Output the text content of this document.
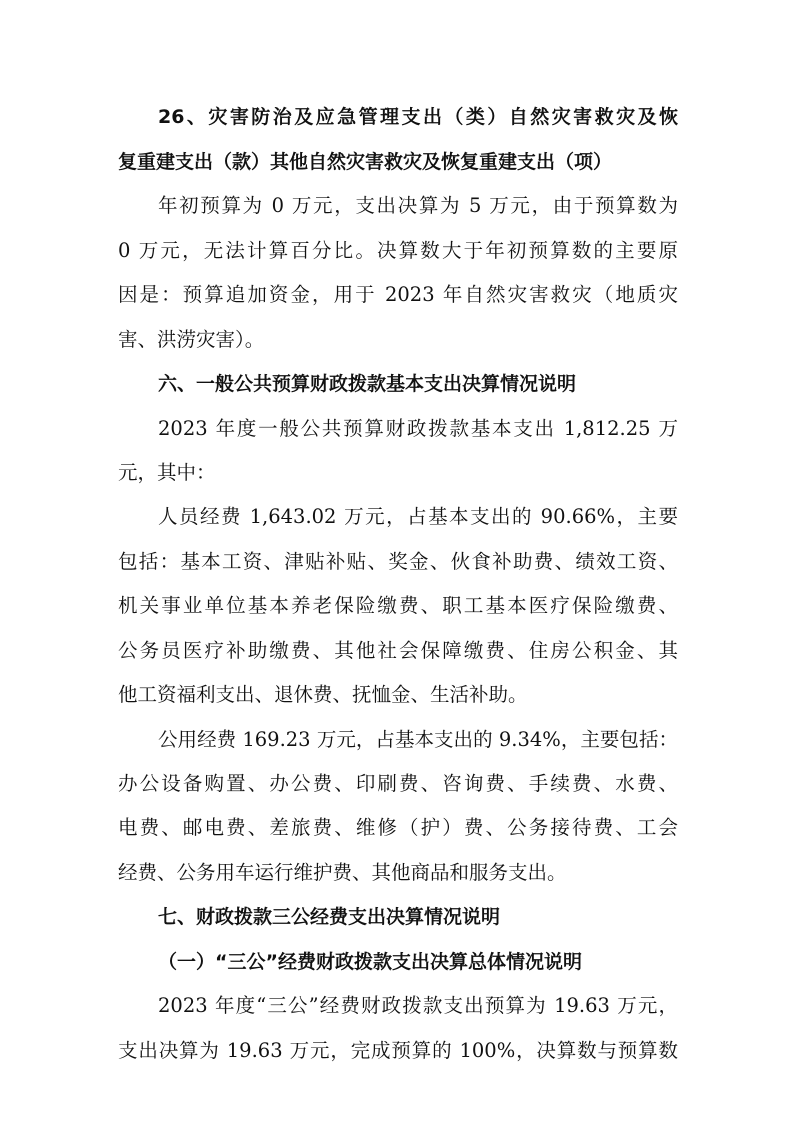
26、灾害防治及应急管理支出（类）自然灾害救灾及恢
复重建支出（款）其他自然灾害救灾及恢复重建支出（项）
年初预算为 0 万元，支出决算为 5 万元，由于预算数为
0 万元，无法计算百分比。决算数大于年初预算数的主要原
因是：预算追加资金，用于 2023 年自然灾害救灾（地质灾
害、洪涝灾害）。
六、一般公共预算财政拨款基本支出决算情况说明
2023 年度一般公共预算财政拨款基本支出 1,812.25 万
元，其中：
人员经费 1,643.02 万元，占基本支出的 90.66%，主要
包括：基本工资、津贴补贴、奖金、伙食补助费、绩效工资、
机关事业单位基本养老保险缴费、职工基本医疗保险缴费、
公务员医疗补助缴费、其他社会保障缴费、住房公积金、其
他工资福利支出、退休费、抚恤金、生活补助。
公用经费 169.23 万元，占基本支出的 9.34%，主要包括：
办公设备购置、办公费、印刷费、咨询费、手续费、水费、
电费、邮电费、差旅费、维修（护）费、公务接待费、工会
经费、公务用车运行维护费、其他商品和服务支出。
七、财政拨款三公经费支出决算情况说明
（一）“三公”经费财政拨款支出决算总体情况说明
2023 年度“三公”经费财政拨款支出预算为 19.63 万元，
支出决算为 19.63 万元，完成预算的 100%，决算数与预算数
